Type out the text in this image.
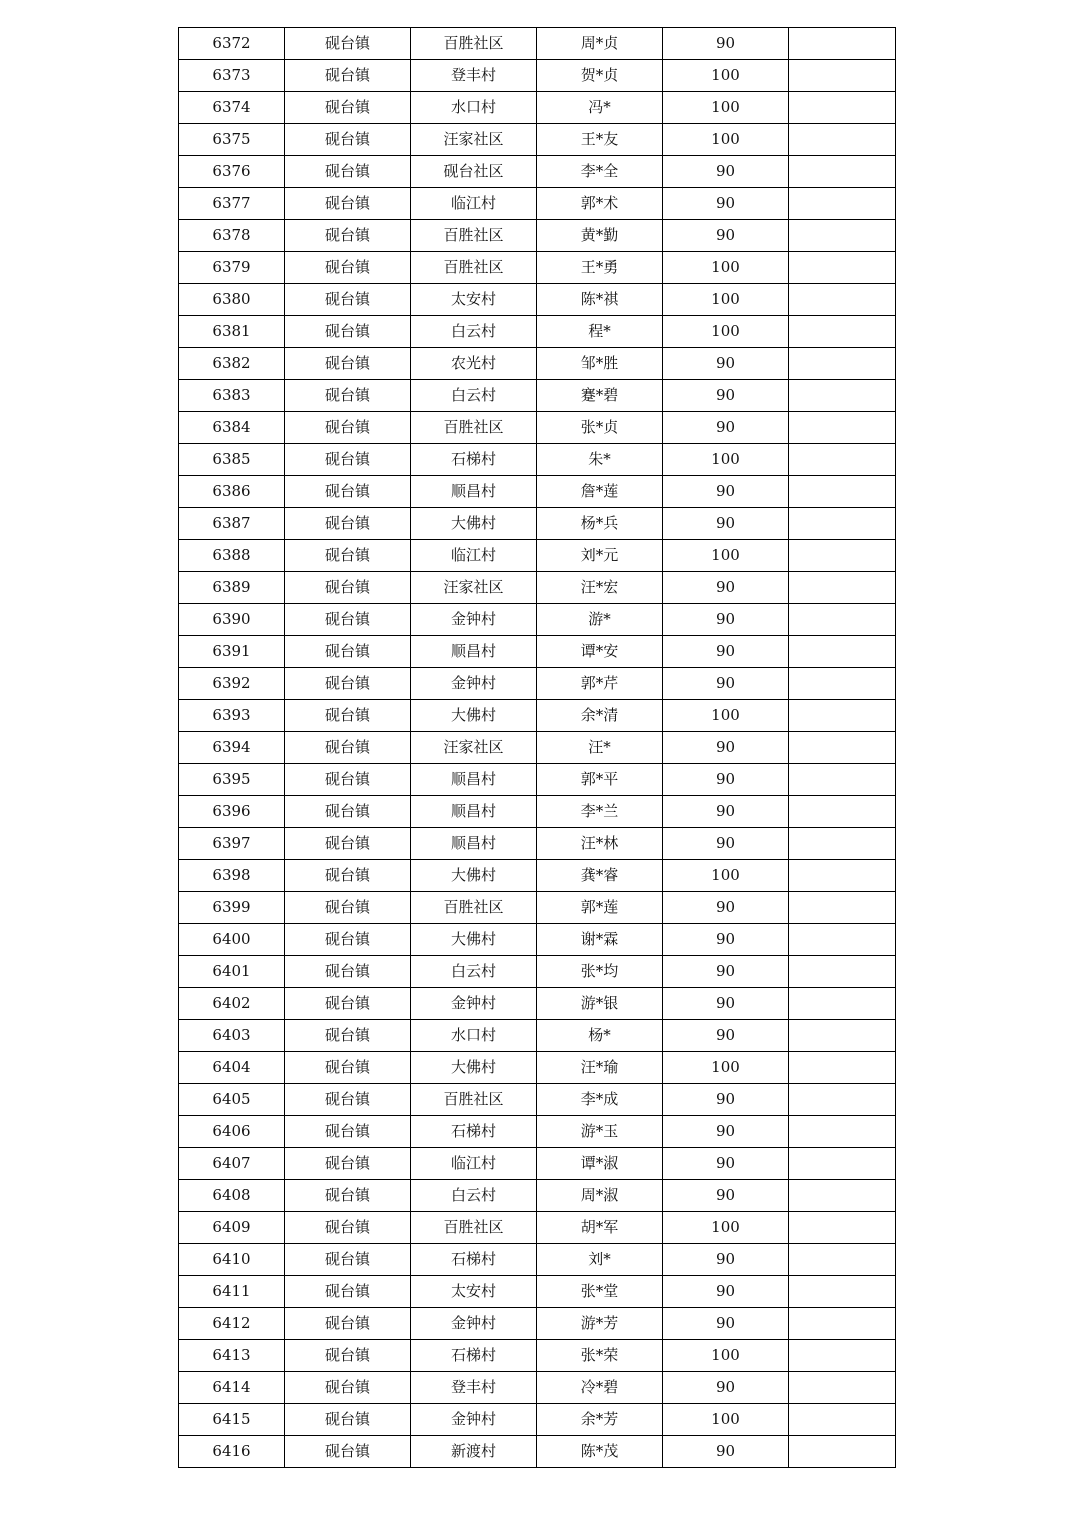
6372	砚台镇	百胜社区	周*贞	90	
6373	砚台镇	登丰村	贺*贞	100	
6374	砚台镇	水口村	冯*	100	
6375	砚台镇	汪家社区	王*友	100	
6376	砚台镇	砚台社区	李*全	90	
6377	砚台镇	临江村	郭*术	90	
6378	砚台镇	百胜社区	黄*勤	90	
6379	砚台镇	百胜社区	王*勇	100	
6380	砚台镇	太安村	陈*祺	100	
6381	砚台镇	白云村	程*	100	
6382	砚台镇	农光村	邹*胜	90	
6383	砚台镇	白云村	蹇*碧	90	
6384	砚台镇	百胜社区	张*贞	90	
6385	砚台镇	石梯村	朱*	100	
6386	砚台镇	顺昌村	詹*莲	90	
6387	砚台镇	大佛村	杨*兵	90	
6388	砚台镇	临江村	刘*元	100	
6389	砚台镇	汪家社区	汪*宏	90	
6390	砚台镇	金钟村	游*	90	
6391	砚台镇	顺昌村	谭*安	90	
6392	砚台镇	金钟村	郭*芹	90	
6393	砚台镇	大佛村	余*清	100	
6394	砚台镇	汪家社区	汪*	90	
6395	砚台镇	顺昌村	郭*平	90	
6396	砚台镇	顺昌村	李*兰	90	
6397	砚台镇	顺昌村	汪*林	90	
6398	砚台镇	大佛村	龚*睿	100	
6399	砚台镇	百胜社区	郭*莲	90	
6400	砚台镇	大佛村	谢*霖	90	
6401	砚台镇	白云村	张*均	90	
6402	砚台镇	金钟村	游*银	90	
6403	砚台镇	水口村	杨*	90	
6404	砚台镇	大佛村	汪*瑜	100	
6405	砚台镇	百胜社区	李*成	90	
6406	砚台镇	石梯村	游*玉	90	
6407	砚台镇	临江村	谭*淑	90	
6408	砚台镇	白云村	周*淑	90	
6409	砚台镇	百胜社区	胡*军	100	
6410	砚台镇	石梯村	刘*	90	
6411	砚台镇	太安村	张*堂	90	
6412	砚台镇	金钟村	游*芳	90	
6413	砚台镇	石梯村	张*荣	100	
6414	砚台镇	登丰村	冷*碧	90	
6415	砚台镇	金钟村	余*芳	100	
6416	砚台镇	新渡村	陈*茂	90	
